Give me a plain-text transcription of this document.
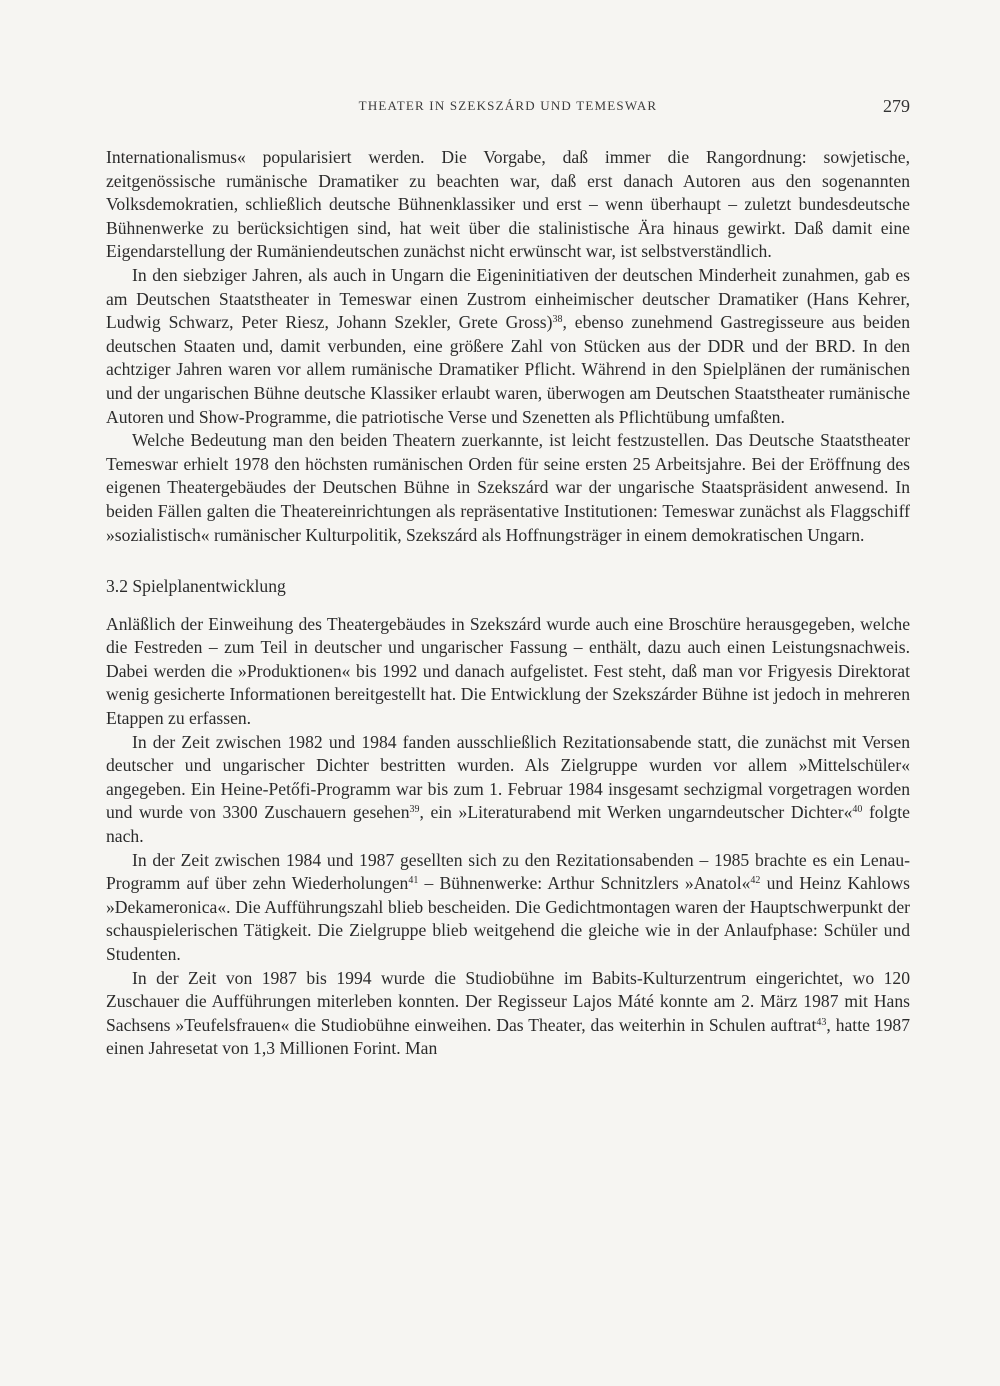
THEATER IN SZEKSZÁRD UND TEMESWAR	279

Internationalismus« popularisiert werden. Die Vorgabe, daß immer die Rangordnung: sowjetische, zeitgenössische rumänische Dramatiker zu beachten war, daß erst danach Autoren aus den sogenannten Volksdemokratien, schließlich deutsche Bühnenklassiker und erst – wenn überhaupt – zuletzt bundesdeutsche Bühnenwerke zu berücksichtigen sind, hat weit über die stalinistische Ära hinaus gewirkt. Daß damit eine Eigendarstellung der Rumäniendeutschen zunächst nicht erwünscht war, ist selbstverständlich.

In den siebziger Jahren, als auch in Ungarn die Eigeninitiativen der deutschen Minderheit zunahmen, gab es am Deutschen Staatstheater in Temeswar einen Zustrom einheimischer deutscher Dramatiker (Hans Kehrer, Ludwig Schwarz, Peter Riesz, Johann Szekler, Grete Gross)$^{38}$, ebenso zunehmend Gastregisseure aus beiden deutschen Staaten und, damit verbunden, eine größere Zahl von Stücken aus der DDR und der BRD. In den achtziger Jahren waren vor allem rumänische Dramatiker Pflicht. Während in den Spielplänen der rumänischen und der ungarischen Bühne deutsche Klassiker erlaubt waren, überwogen am Deutschen Staatstheater rumänische Autoren und Show-Programme, die patriotische Verse und Szenetten als Pflichtübung umfaßten.

Welche Bedeutung man den beiden Theatern zuerkannte, ist leicht festzustellen. Das Deutsche Staatstheater Temeswar erhielt 1978 den höchsten rumänischen Orden für seine ersten 25 Arbeitsjahre. Bei der Eröffnung des eigenen Theatergebäudes der Deutschen Bühne in Szekszárd war der ungarische Staatspräsident anwesend. In beiden Fällen galten die Theatereinrichtungen als repräsentative Institutionen: Temeswar zunächst als Flaggschiff »sozialistisch« rumänischer Kulturpolitik, Szekszárd als Hoffnungsträger in einem demokratischen Ungarn.

3.2 Spielplanentwicklung

Anläßlich der Einweihung des Theatergebäudes in Szekszárd wurde auch eine Broschüre herausgegeben, welche die Festreden – zum Teil in deutscher und ungarischer Fassung – enthält, dazu auch einen Leistungsnachweis. Dabei werden die »Produktionen« bis 1992 und danach aufgelistet. Fest steht, daß man vor Frigyesis Direktorat wenig gesicherte Informationen bereitgestellt hat. Die Entwicklung der Szekszárder Bühne ist jedoch in mehreren Etappen zu erfassen.

In der Zeit zwischen 1982 und 1984 fanden ausschließlich Rezitationsabende statt, die zunächst mit Versen deutscher und ungarischer Dichter bestritten wurden. Als Zielgruppe wurden vor allem »Mittelschüler« angegeben. Ein Heine-Petőfi-Programm war bis zum 1. Februar 1984 insgesamt sechzigmal vorgetragen worden und wurde von 3300 Zuschauern gesehen$^{39}$, ein »Literaturabend mit Werken ungarndeutscher Dichter«$^{40}$ folgte nach.

In der Zeit zwischen 1984 und 1987 gesellten sich zu den Rezitationsabenden – 1985 brachte es ein Lenau-Programm auf über zehn Wiederholungen$^{41}$ – Bühnenwerke: Arthur Schnitzlers »Anatol«$^{42}$ und Heinz Kahlows »Dekameronica«. Die Aufführungszahl blieb bescheiden. Die Gedichtmontagen waren der Hauptschwerpunkt der schauspielerischen Tätigkeit. Die Zielgruppe blieb weitgehend die gleiche wie in der Anlaufphase: Schüler und Studenten.

In der Zeit von 1987 bis 1994 wurde die Studiobühne im Babits-Kulturzentrum eingerichtet, wo 120 Zuschauer die Aufführungen miterleben konnten. Der Regisseur Lajos Máté konnte am 2. März 1987 mit Hans Sachsens »Teufelsfrauen« die Studiobühne einweihen. Das Theater, das weiterhin in Schulen auftrat$^{43}$, hatte 1987 einen Jahresetat von 1,3 Millionen Forint. Man
